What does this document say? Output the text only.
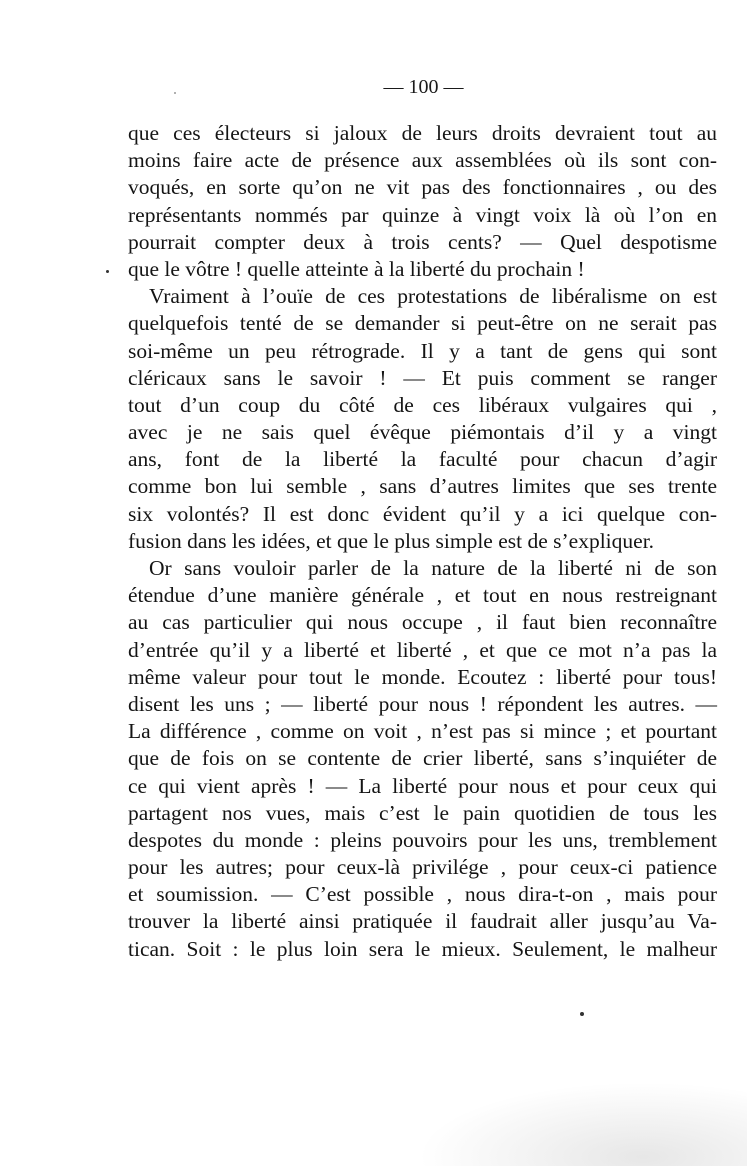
— 100 —
que ces électeurs si jaloux de leurs droits devraient tout au
moins faire acte de présence aux assemblées où ils sont con-
voqués, en sorte qu’on ne vit pas des fonctionnaires , ou des
représentants nommés par quinze à vingt voix là où l’on en
pourrait compter deux à trois cents? — Quel despotisme
que le vôtre ! quelle atteinte à la liberté du prochain !
Vraiment à l’ouïe de ces protestations de libéralisme on est
quelquefois tenté de se demander si peut-être on ne serait pas
soi-même un peu rétrograde. Il y a tant de gens qui sont
cléricaux sans le savoir ! — Et puis comment se ranger
tout d’un coup du côté de ces libéraux vulgaires qui ,
avec je ne sais quel évêque piémontais d’il y a vingt
ans, font de la liberté la faculté pour chacun d’agir
comme bon lui semble , sans d’autres limites que ses trente
six volontés? Il est donc évident qu’il y a ici quelque con-
fusion dans les idées, et que le plus simple est de s’expliquer.
Or sans vouloir parler de la nature de la liberté ni de son
étendue d’une manière générale , et tout en nous restreignant
au cas particulier qui nous occupe , il faut bien reconnaître
d’entrée qu’il y a liberté et liberté , et que ce mot n’a pas la
même valeur pour tout le monde. Ecoutez : liberté pour tous!
disent les uns ; — liberté pour nous ! répondent les autres. —
La différence , comme on voit , n’est pas si mince ; et pourtant
que de fois on se contente de crier liberté, sans s’inquiéter de
ce qui vient après ! — La liberté pour nous et pour ceux qui
partagent nos vues, mais c’est le pain quotidien de tous les
despotes du monde : pleins pouvoirs pour les uns, tremblement
pour les autres; pour ceux-là privilége , pour ceux-ci patience
et soumission. — C’est possible , nous dira-t-on , mais pour
trouver la liberté ainsi pratiquée il faudrait aller jusqu’au Va-
tican. Soit : le plus loin sera le mieux. Seulement, le malheur
